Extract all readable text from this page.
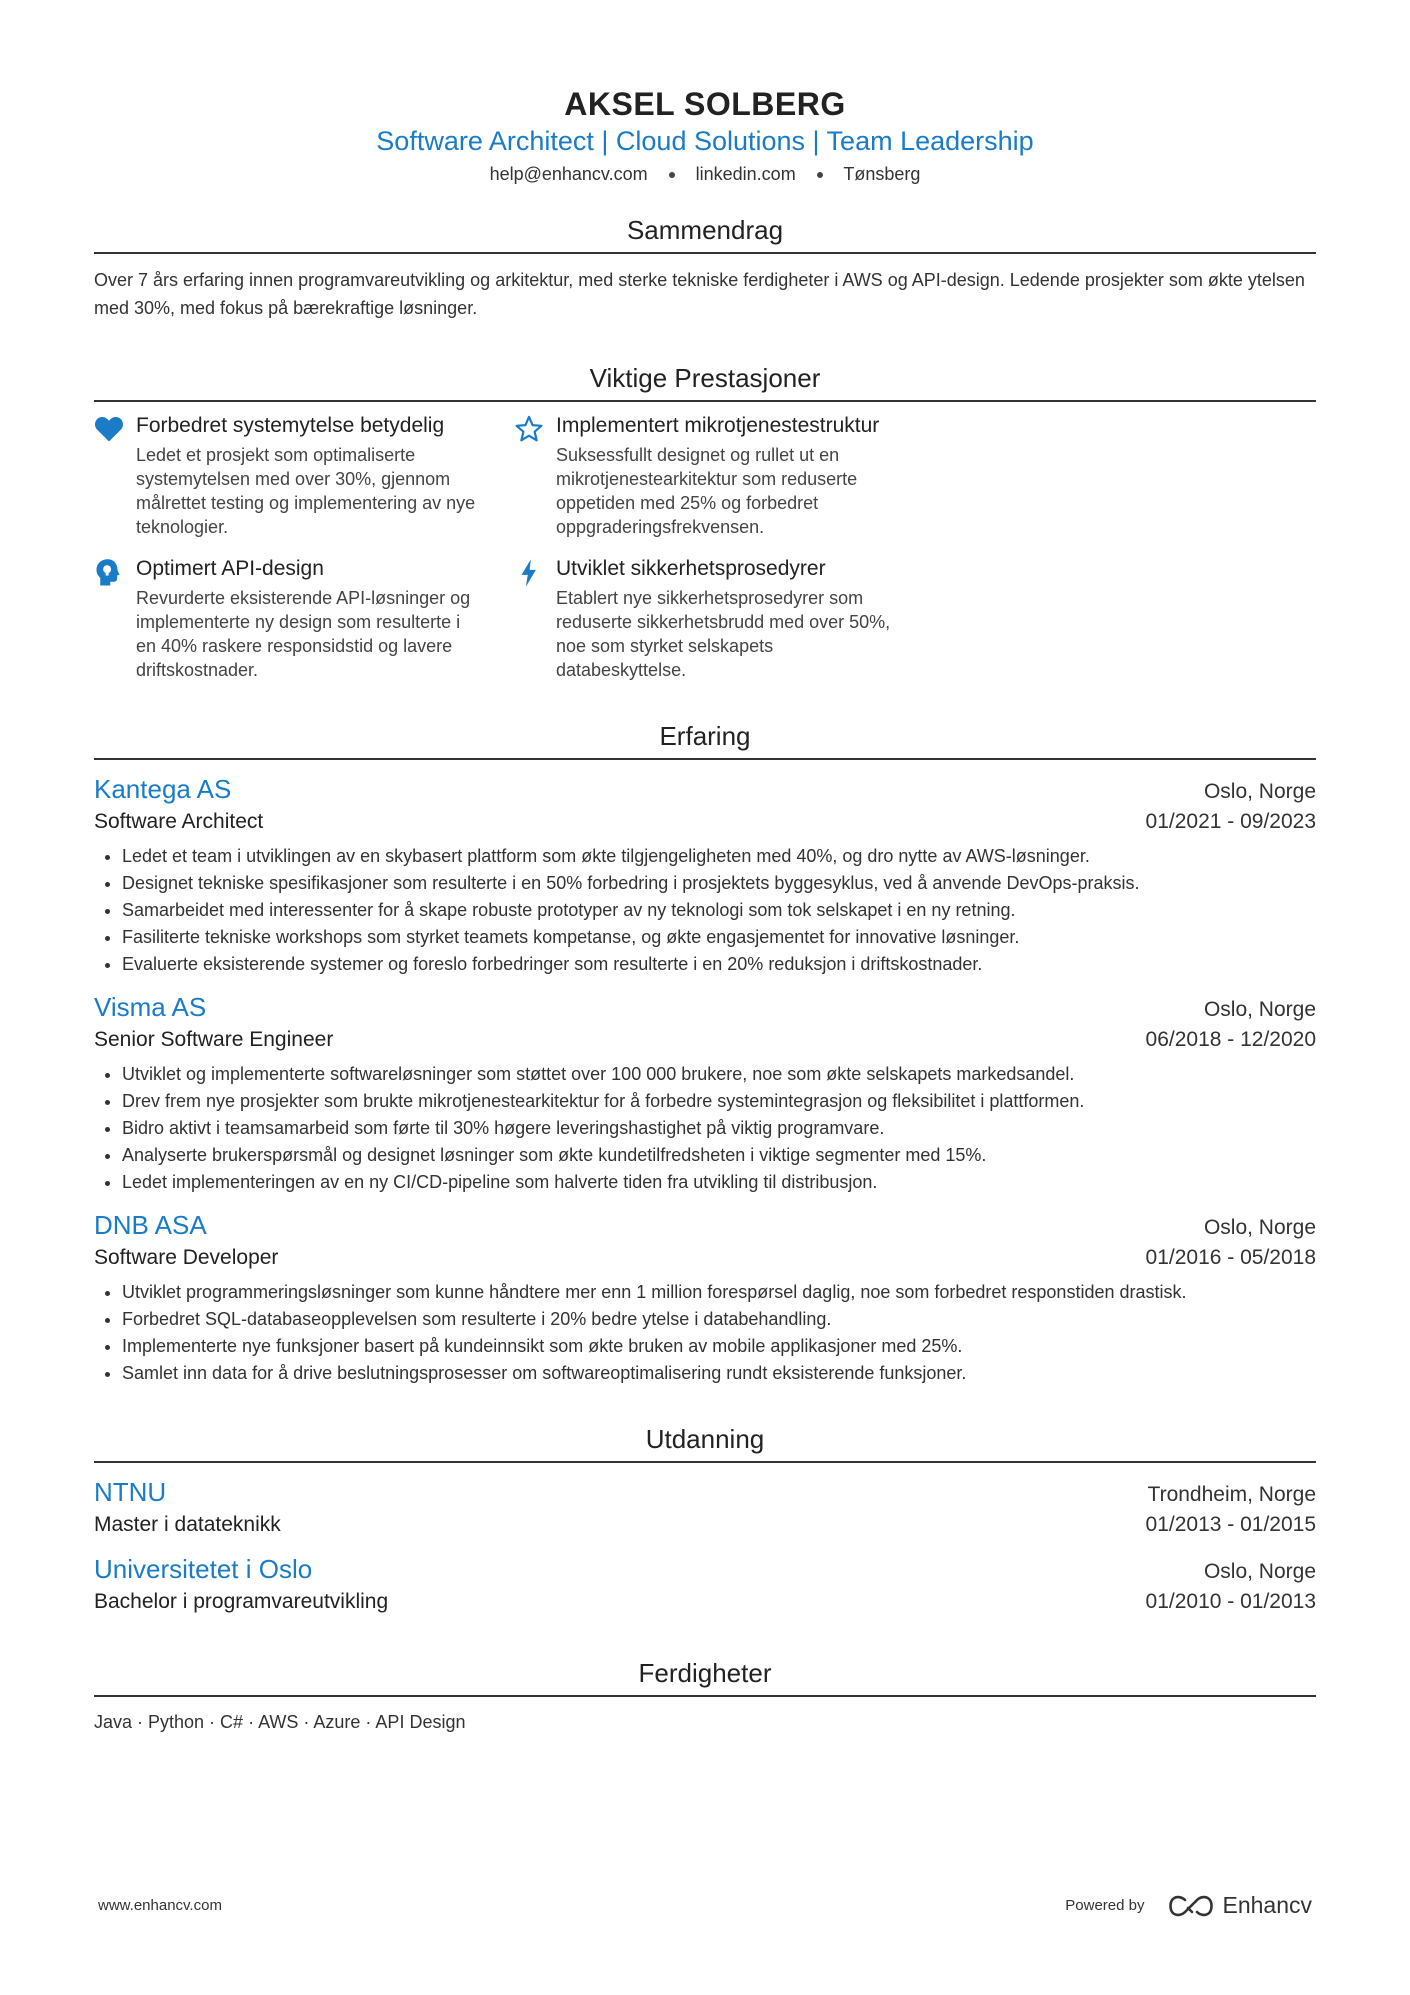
AKSEL SOLBERG
Software Architect | Cloud Solutions | Team Leadership
help@enhancv.com	linkedin.com	Tønsberg
Sammendrag
Over 7 års erfaring innen programvareutvikling og arkitektur, med sterke tekniske ferdigheter i AWS og API-design. Ledende prosjekter som økte ytelsen med 30%, med fokus på bærekraftige løsninger.
Viktige Prestasjoner
Forbedret systemytelse betydelig
Ledet et prosjekt som optimaliserte systemytelsen med over 30%, gjennom målrettet testing og implementering av nye teknologier.
Implementert mikrotjenestestruktur
Suksessfullt designet og rullet ut en mikrotjenestearkitektur som reduserte oppetiden med 25% og forbedret oppgraderingsfrekvensen.
Optimert API-design
Revurderte eksisterende API-løsninger og implementerte ny design som resulterte i en 40% raskere responsidstid og lavere driftskostnader.
Utviklet sikkerhetsprosedyrer
Etablert nye sikkerhetsprosedyrer som reduserte sikkerhetsbrudd med over 50%, noe som styrket selskapets databeskyttelse.
Erfaring
Kantega AS	Oslo, Norge
Software Architect	01/2021 - 09/2023
• Ledet et team i utviklingen av en skybasert plattform som økte tilgjengeligheten med 40%, og dro nytte av AWS-løsninger.
• Designet tekniske spesifikasjoner som resulterte i en 50% forbedring i prosjektets byggesyklus, ved å anvende DevOps-praksis.
• Samarbeidet med interessenter for å skape robuste prototyper av ny teknologi som tok selskapet i en ny retning.
• Fasiliterte tekniske workshops som styrket teamets kompetanse, og økte engasjementet for innovative løsninger.
• Evaluerte eksisterende systemer og foreslo forbedringer som resulterte i en 20% reduksjon i driftskostnader.
Visma AS	Oslo, Norge
Senior Software Engineer	06/2018 - 12/2020
• Utviklet og implementerte softwareløsninger som støttet over 100 000 brukere, noe som økte selskapets markedsandel.
• Drev frem nye prosjekter som brukte mikrotjenestearkitektur for å forbedre systemintegrasjon og fleksibilitet i plattformen.
• Bidro aktivt i teamsamarbeid som førte til 30% høgere leveringshastighet på viktig programvare.
• Analyserte brukerspørsmål og designet løsninger som økte kundetilfredsheten i viktige segmenter med 15%.
• Ledet implementeringen av en ny CI/CD-pipeline som halverte tiden fra utvikling til distribusjon.
DNB ASA	Oslo, Norge
Software Developer	01/2016 - 05/2018
• Utviklet programmeringsløsninger som kunne håndtere mer enn 1 million forespørsel daglig, noe som forbedret responstiden drastisk.
• Forbedret SQL-databaseopplevelsen som resulterte i 20% bedre ytelse i databehandling.
• Implementerte nye funksjoner basert på kundeinnsikt som økte bruken av mobile applikasjoner med 25%.
• Samlet inn data for å drive beslutningsprosesser om softwareoptimalisering rundt eksisterende funksjoner.
Utdanning
NTNU	Trondheim, Norge
Master i datateknikk	01/2013 - 01/2015
Universitetet i Oslo	Oslo, Norge
Bachelor i programvareutvikling	01/2010 - 01/2013
Ferdigheter
Java · Python · C# · AWS · Azure · API Design
www.enhancv.com	Powered by	Enhancv
